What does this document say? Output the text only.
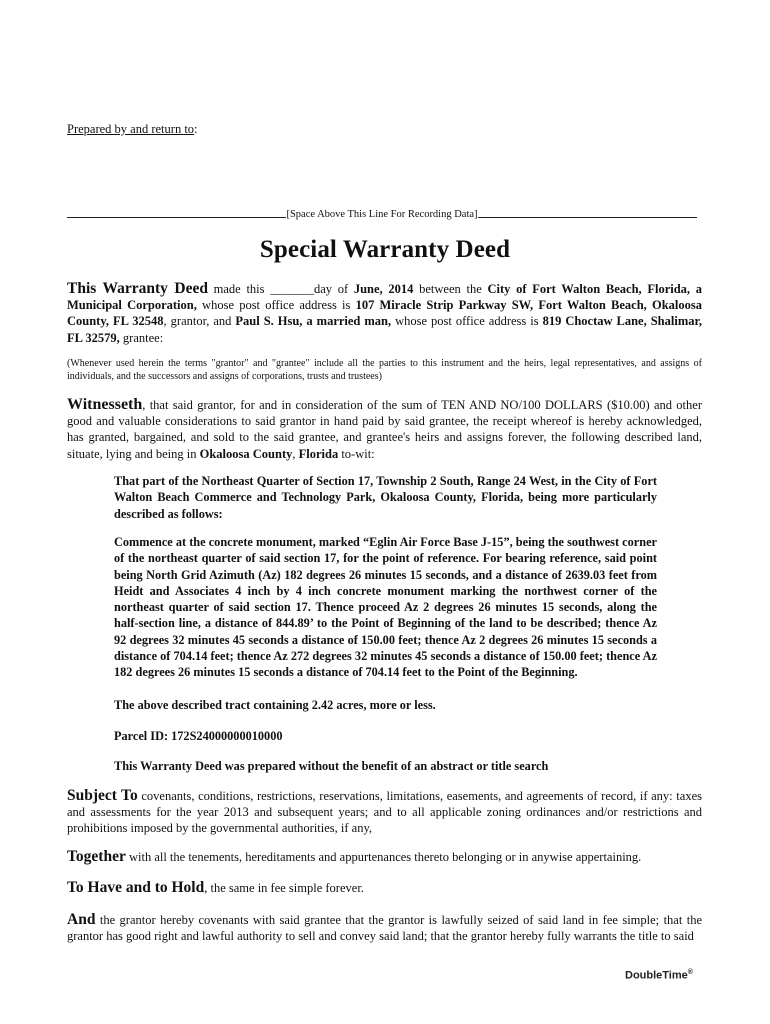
Prepared by and return to:
[Space Above This Line For Recording Data]
Special Warranty Deed

This Warranty Deed made this _______day of June, 2014 between the City of Fort Walton Beach, Florida, a Municipal Corporation, whose post office address is 107 Miracle Strip Parkway SW, Fort Walton Beach, Okaloosa County, FL 32548, grantor, and Paul S. Hsu, a married man, whose post office address is 819 Choctaw Lane, Shalimar, FL 32579, grantee:

(Whenever used herein the terms "grantor" and "grantee" include all the parties to this instrument and the heirs, legal representatives, and assigns of individuals, and the successors and assigns of corporations, trusts and trustees)

Witnesseth, that said grantor, for and in consideration of the sum of TEN AND NO/100 DOLLARS ($10.00) and other good and valuable considerations to said grantor in hand paid by said grantee, the receipt whereof is hereby acknowledged, has granted, bargained, and sold to the said grantee, and grantee's heirs and assigns forever, the following described land, situate, lying and being in Okaloosa County, Florida to-wit:

That part of the Northeast Quarter of Section 17, Township 2 South, Range 24 West, in the City of Fort Walton Beach Commerce and Technology Park, Okaloosa County, Florida, being more particularly described as follows:

Commence at the concrete monument, marked “Eglin Air Force Base J-15”, being the southwest corner of the northeast quarter of said section 17, for the point of reference. For bearing reference, said point being North Grid Azimuth (Az) 182 degrees 26 minutes 15 seconds, and a distance of 2639.03 feet from Heidt and Associates 4 inch by 4 inch concrete monument marking the northwest corner of the northeast quarter of said section 17. Thence proceed Az 2 degrees 26 minutes 15 seconds, along the half-section line, a distance of 844.89’ to the Point of Beginning of the land to be described; thence Az 92 degrees 32 minutes 45 seconds a distance of 150.00 feet; thence Az 2 degrees 26 minutes 15 seconds a distance of 704.14 feet; thence Az 272 degrees 32 minutes 45 seconds a distance of 150.00 feet; thence Az 182 degrees 26 minutes 15 seconds a distance of 704.14 feet to the Point of the Beginning.

The above described tract containing 2.42 acres, more or less.

Parcel ID: 172S24000000010000

This Warranty Deed was prepared without the benefit of an abstract or title search

Subject To covenants, conditions, restrictions, reservations, limitations, easements, and agreements of record, if any: taxes and assessments for the year 2013 and subsequent years; and to all applicable zoning ordinances and/or restrictions and prohibitions imposed by the governmental authorities, if any,

Together with all the tenements, hereditaments and appurtenances thereto belonging or in anywise appertaining.

To Have and to Hold, the same in fee simple forever.

And the grantor hereby covenants with said grantee that the grantor is lawfully seized of said land in fee simple; that the grantor has good right and lawful authority to sell and convey said land; that the grantor hereby fully warrants the title to said

DoubleTime®
